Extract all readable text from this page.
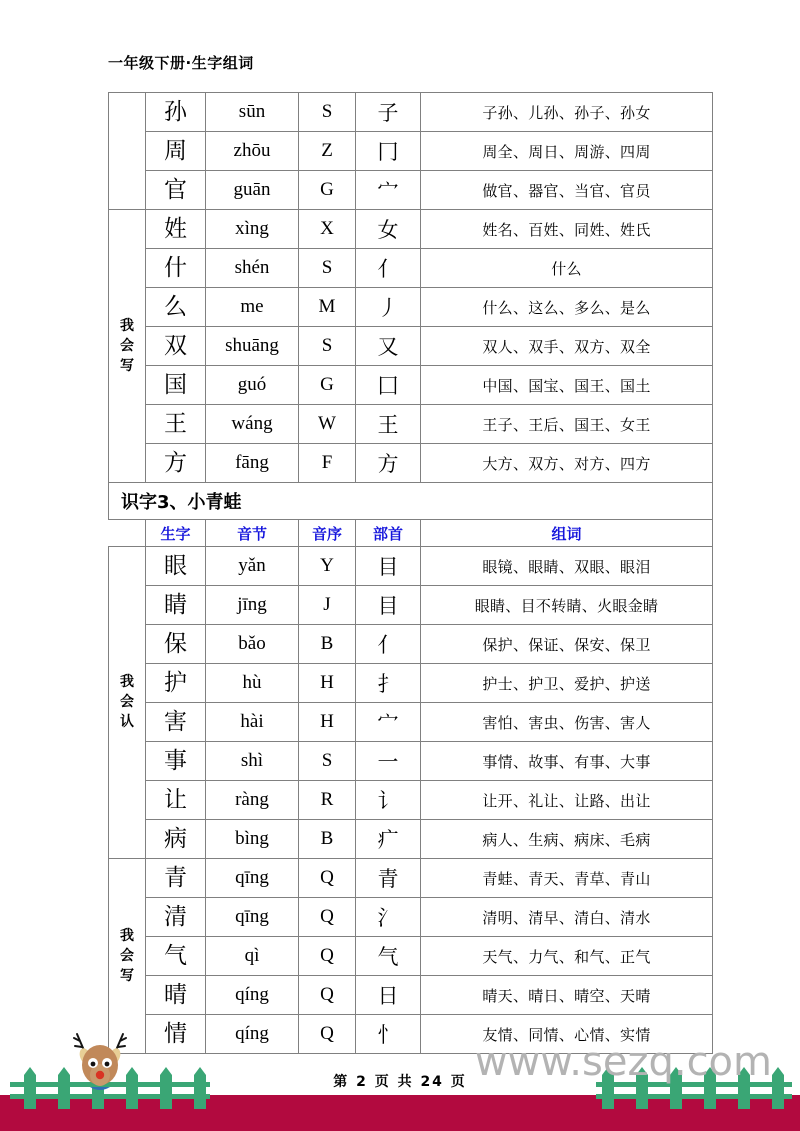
一年级下册·生字组词
	孙	sūn	S	子	子孙、儿孙、孙子、孙女
	周	zhōu	Z	冂	周全、周日、周游、四周
	官	guān	G	宀	做官、器官、当官、官员

我
会
写	姓	xìng	X	女	姓名、百姓、同姓、姓氏
	什	shén	S	亻	什么
	么	me	M	丿	什么、这么、多么、是么
	双	shuāng	S	又	双人、双手、双方、双全
	国	guó	G	囗	中国、国宝、国王、国土
	王	wáng	W	王	王子、王后、国王、女王
	方	fāng	F	方	大方、双方、对方、四方
识字3、小青蛙					
	生字	音节	音序	部首	组词

我
会
认	眼	yǎn	Y	目	眼镜、眼睛、双眼、眼泪
	睛	jīng	J	目	眼睛、目不转睛、火眼金睛
	保	bǎo	B	亻	保护、保证、保安、保卫
	护	hù	H	扌	护士、护卫、爱护、护送
	害	hài	H	宀	害怕、害虫、伤害、害人
	事	shì	S	一	事情、故事、有事、大事
	让	ràng	R	讠	让开、礼让、让路、出让
	病	bìng	B	疒	病人、生病、病床、毛病

我
会
写	青	qīng	Q	青	青蛙、青天、青草、青山
	清	qīng	Q	氵	清明、清早、清白、清水
	气	qì	Q	气	天气、力气、和气、正气
	晴	qíng	Q	日	晴天、晴日、晴空、天晴
	情	qíng	Q	忄	友情、同情、心情、实情
www.sezq.com
第 2 页 共 24 页
